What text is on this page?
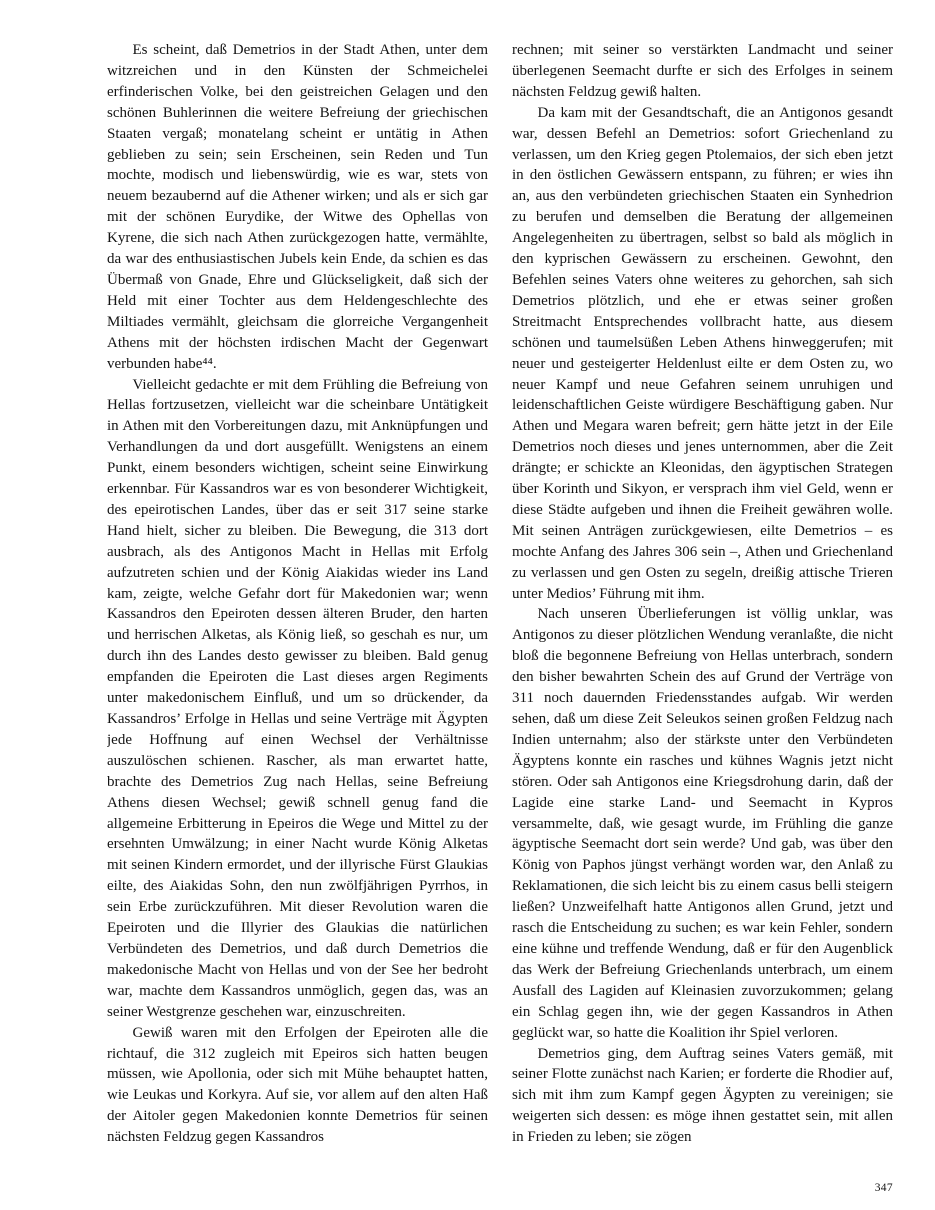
Es scheint, daß Demetrios in der Stadt Athen, unter dem witzreichen und in den Künsten der Schmeichelei erfinderischen Volke, bei den geistreichen Gelagen und den schönen Buhlerinnen die weitere Befreiung der griechischen Staaten vergaß; monatelang scheint er untätig in Athen geblieben zu sein; sein Erscheinen, sein Reden und Tun mochte, modisch und liebenswürdig, wie es war, stets von neuem bezaubernd auf die Athener wirken; und als er sich gar mit der schönen Eurydike, der Witwe des Ophellas von Kyrene, die sich nach Athen zurückgezogen hatte, vermählte, da war des enthusiastischen Jubels kein Ende, da schien es das Übermaß von Gnade, Ehre und Glückseligkeit, daß sich der Held mit einer Tochter aus dem Heldengeschlechte des Miltiades vermählt, gleichsam die glorreiche Vergangenheit Athens mit der höchsten irdischen Macht der Gegenwart verbunden habe⁴⁴.

Vielleicht gedachte er mit dem Frühling die Befreiung von Hellas fortzusetzen, vielleicht war die scheinbare Untätigkeit in Athen mit den Vorbereitungen dazu, mit Anknüpfungen und Verhandlungen da und dort ausgefüllt. Wenigstens an einem Punkt, einem besonders wichtigen, scheint seine Einwirkung erkennbar. Für Kassandros war es von besonderer Wichtigkeit, des epeirotischen Landes, über das er seit 317 seine starke Hand hielt, sicher zu bleiben. Die Bewegung, die 313 dort ausbrach, als des Antigonos Macht in Hellas mit Erfolg aufzutreten schien und der König Aiakidas wieder ins Land kam, zeigte, welche Gefahr dort für Makedonien war; wenn Kassandros den Epeiroten dessen älteren Bruder, den harten und herrischen Alketas, als König ließ, so geschah es nur, um durch ihn des Landes desto gewisser zu bleiben. Bald genug empfanden die Epeiroten die Last dieses argen Regiments unter makedonischem Einfluß, und um so drückender, da Kassandros’ Erfolge in Hellas und seine Verträge mit Ägypten jede Hoffnung auf einen Wechsel der Verhältnisse auszulöschen schienen. Rascher, als man erwartet hatte, brachte des Demetrios Zug nach Hellas, seine Befreiung Athens diesen Wechsel; gewiß schnell genug fand die allgemeine Erbitterung in Epeiros die Wege und Mittel zu der ersehnten Umwälzung; in einer Nacht wurde König Alketas mit seinen Kindern ermordet, und der illyrische Fürst Glaukias eilte, des Aiakidas Sohn, den nun zwölfjährigen Pyrrhos, in sein Erbe zurückzuführen. Mit dieser Revolution waren die Epeiroten und die Illyrier des Glaukias die natürlichen Verbündeten des Demetrios, und daß durch Demetrios die makedonische Macht von Hellas und von der See her bedroht war, machte dem Kassandros unmöglich, gegen das, was an seiner Westgrenze geschehen war, einzuschreiten.

Gewiß waren mit den Erfolgen der Epeiroten alle die richtauf, die 312 zugleich mit Epeiros sich hatten beugen müssen, wie Apollonia, oder sich mit Mühe behauptet hatten, wie Leukas und Korkyra. Auf sie, vor allem auf den alten Haß der Aitoler gegen Makedonien konnte Demetrios für seinen nächsten Feldzug gegen Kassandros

rechnen; mit seiner so verstärkten Landmacht und seiner überlegenen Seemacht durfte er sich des Erfolges in seinem nächsten Feldzug gewiß halten.

Da kam mit der Gesandtschaft, die an Antigonos gesandt war, dessen Befehl an Demetrios: sofort Griechenland zu verlassen, um den Krieg gegen Ptolemaios, der sich eben jetzt in den östlichen Gewässern entspann, zu führen; er wies ihn an, aus den verbündeten griechischen Staaten ein Synhedrion zu berufen und demselben die Beratung der allgemeinen Angelegenheiten zu übertragen, selbst so bald als möglich in den kyprischen Gewässern zu erscheinen. Gewohnt, den Befehlen seines Vaters ohne weiteres zu gehorchen, sah sich Demetrios plötzlich, und ehe er etwas seiner großen Streitmacht Entsprechendes vollbracht hatte, aus diesem schönen und taumelsüßen Leben Athens hinweggerufen; mit neuer und gesteigerter Heldenlust eilte er dem Osten zu, wo neuer Kampf und neue Gefahren seinem unruhigen und leidenschaftlichen Geiste würdigere Beschäftigung gaben. Nur Athen und Megara waren befreit; gern hätte jetzt in der Eile Demetrios noch dieses und jenes unternommen, aber die Zeit drängte; er schickte an Kleonidas, den ägyptischen Strategen über Korinth und Sikyon, er versprach ihm viel Geld, wenn er diese Städte aufgeben und ihnen die Freiheit gewähren wolle. Mit seinen Anträgen zurückgewiesen, eilte Demetrios – es mochte Anfang des Jahres 306 sein –, Athen und Griechenland zu verlassen und gen Osten zu segeln, dreißig attische Trieren unter Medios’ Führung mit ihm.

Nach unseren Überlieferungen ist völlig unklar, was Antigonos zu dieser plötzlichen Wendung veranlaßte, die nicht bloß die begonnene Befreiung von Hellas unterbrach, sondern den bisher bewahrten Schein des auf Grund der Verträge von 311 noch dauernden Friedensstandes aufgab. Wir werden sehen, daß um diese Zeit Seleukos seinen großen Feldzug nach Indien unternahm; also der stärkste unter den Verbündeten Ägyptens konnte ein rasches und kühnes Wagnis jetzt nicht stören. Oder sah Antigonos eine Kriegsdrohung darin, daß der Lagide eine starke Land- und Seemacht in Kypros versammelte, daß, wie gesagt wurde, im Frühling die ganze ägyptische Seemacht dort sein werde? Und gab, was über den König von Paphos jüngst verhängt worden war, den Anlaß zu Reklamationen, die sich leicht bis zu einem casus belli steigern ließen? Unzweifelhaft hatte Antigonos allen Grund, jetzt und rasch die Entscheidung zu suchen; es war kein Fehler, sondern eine kühne und treffende Wendung, daß er für den Augenblick das Werk der Befreiung Griechenlands unterbrach, um einem Ausfall des Lagiden auf Kleinasien zuvorzukommen; gelang ein Schlag gegen ihn, wie der gegen Kassandros in Athen geglückt war, so hatte die Koalition ihr Spiel verloren.

Demetrios ging, dem Auftrag seines Vaters gemäß, mit seiner Flotte zunächst nach Karien; er forderte die Rhodier auf, sich mit ihm zum Kampf gegen Ägypten zu vereinigen; sie weigerten sich dessen: es möge ihnen gestattet sein, mit allen in Frieden zu leben; sie zögen

347
